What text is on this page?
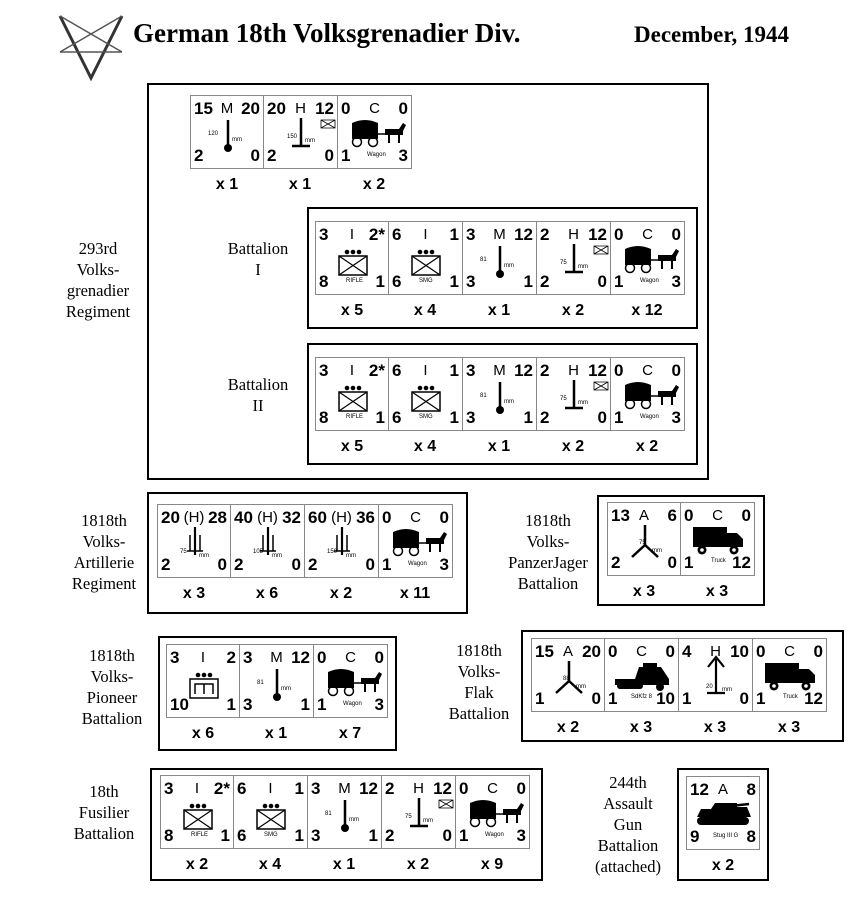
German 18th Volksgrenadier Div.	December, 1944
15 M 20
2	0
120
mm
x 1
20 H 12
2	0
150
mm
x 1
0	C	0
1	3
Wagon
x 2
3	I 2*
8	1
RIFLE
x 5
6	I	1
6	1
SMG
x 4
3	M 12
3	1
81
mm
x 1
2	H 12
2	0
75
mm
x 2
0	C	0
1	3
Wagon
x 12
3	I 2*
8	1
RIFLE
x 5
6	I	1
6	1
SMG
x 4
3	M 12
3	1
81
mm
x 1
2	H 12
2	0
75
mm
x 2
0	C	0
1	3
Wagon
x 2
20 (H) 28
2	0
75
mm
x 3
40 (H) 32
2	0
105
mm
x 6
60 (H) 36
2	0
150
mm
x 2
0	C	0
1	3
Wagon
x 11
13 A	6
2	0
75
mm
x 3
0	C	0
1 12
Truck
x 3
3	I	2
10 1
x 6
3	M 12
3	1
81
mm
x 1
0	C	0
1	3
Wagon
x 7
15 A 20
1	0
88
mm
x 2
0	C	0
1 10
SdKfz 8
x 3
4	H 10
1	0
20 mm
x 3
0	C	0
1 12
Truck
x 3
3	I 2*
8	1
RIFLE
x 2
6	I	1
6	1
SMG
x 4
3	M 12
3	1
81
mm
x 1
2	H 12
2	0
75
mm
x 2
0	C	0
1	3
Wagon
x 9
12 A	8
9	8
Stug III G
x 2
293rd
Volks-
grenadier
Regiment
Battalion
I
Battalion
II
1818th
Volks-
Artillerie
Regiment
1818th
Volks-
PanzerJager
Battalion
1818th
Volks-
Pioneer
Battalion
1818th
Volks-
Flak
Battalion
18th
Fusilier
Battalion
244th
Assault
Gun
Battalion
(attached)
